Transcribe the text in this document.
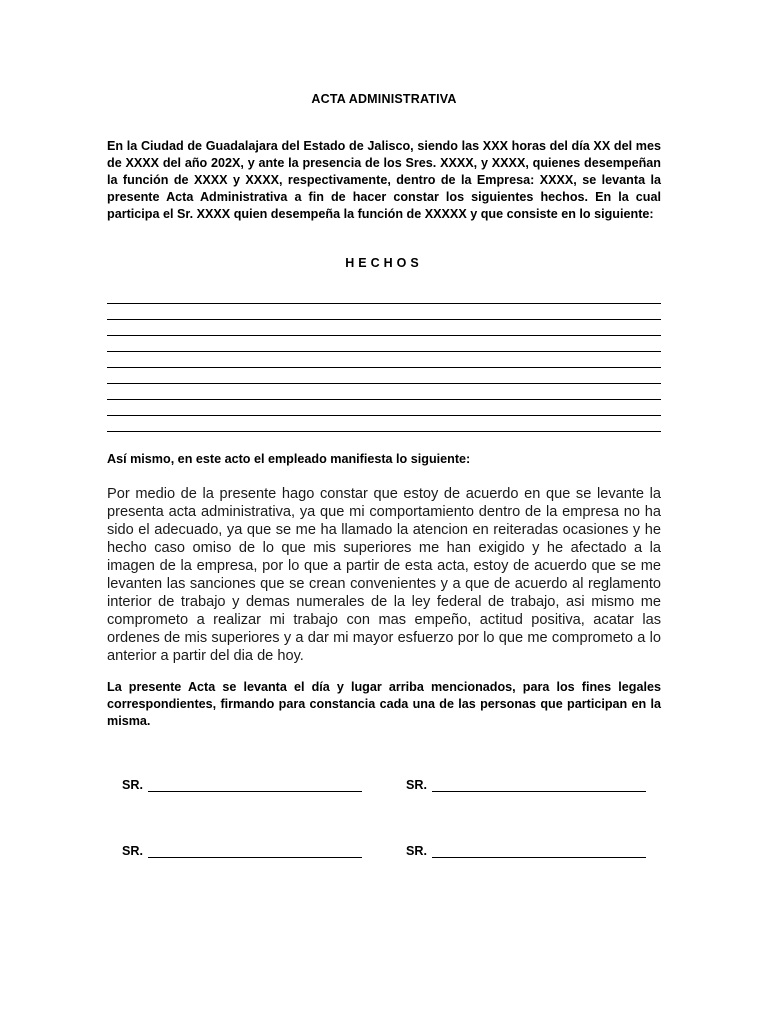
ACTA ADMINISTRATIVA

En la Ciudad de Guadalajara del Estado de Jalisco, siendo las XXX horas del día XX del mes de XXXX del año 202X, y ante la presencia de los Sres. XXXX, y XXXX, quienes desempeñan la función de XXXX y XXXX, respectivamente, dentro de la Empresa: XXXX, se levanta la presente Acta Administrativa a fin de hacer constar los siguientes hechos. En la cual participa el Sr. XXXX quien desempeña la función de XXXXX y que consiste en lo siguiente:

HECHOS

Así mismo, en este acto el empleado manifiesta lo siguiente:

Por medio de la presente hago constar que estoy de acuerdo en que se levante la presenta acta administrativa, ya que mi comportamiento dentro de la empresa no ha sido el adecuado, ya que se me ha llamado la atencion en reiteradas ocasiones y he hecho caso omiso de lo que mis superiores me han exigido y he afectado a la imagen de la empresa, por lo que a partir de esta acta, estoy de acuerdo que se me levanten las sanciones que se crean convenientes y a que de acuerdo al reglamento interior de trabajo y demas numerales de la ley federal de trabajo, asi mismo me comprometo a realizar mi trabajo con mas empeño, actitud positiva, acatar las ordenes de mis superiores y a dar mi mayor esfuerzo por lo que me comprometo a lo anterior a partir del dia de hoy.

La presente Acta se levanta el día y lugar arriba mencionados, para los fines legales correspondientes, firmando para constancia cada una de las personas que participan en la misma.

SR.	SR.
SR.	SR.
